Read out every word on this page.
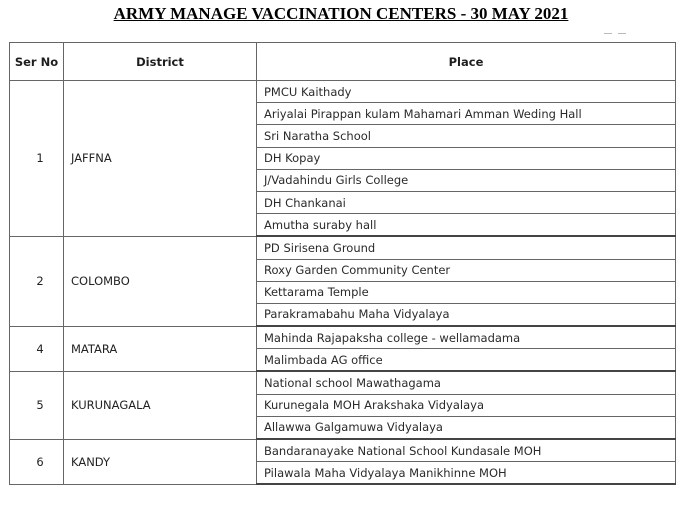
ARMY MANAGE VACCINATION CENTERS - 30 MAY 2021
Ser No	District	Place
1	JAFFNA	PMCU Kaithady
		Ariyalai Pirappan kulam Mahamari Amman Weding Hall
		Sri Naratha School
		DH Kopay
		J/Vadahindu Girls College
		DH Chankanai
		Amutha suraby hall
2	COLOMBO	PD Sirisena Ground
		Roxy Garden Community Center
		Kettarama Temple
		Parakramabahu Maha Vidyalaya
4	MATARA	Mahinda Rajapaksha college - wellamadama
		Malimbada AG office
5	KURUNAGALA	National school Mawathagama
		Kurunegala MOH Arakshaka Vidyalaya
		Allawwa Galgamuwa Vidyalaya
6	KANDY	Bandaranayake National School Kundasale MOH
		Pilawala Maha Vidyalaya Manikhinne MOH
